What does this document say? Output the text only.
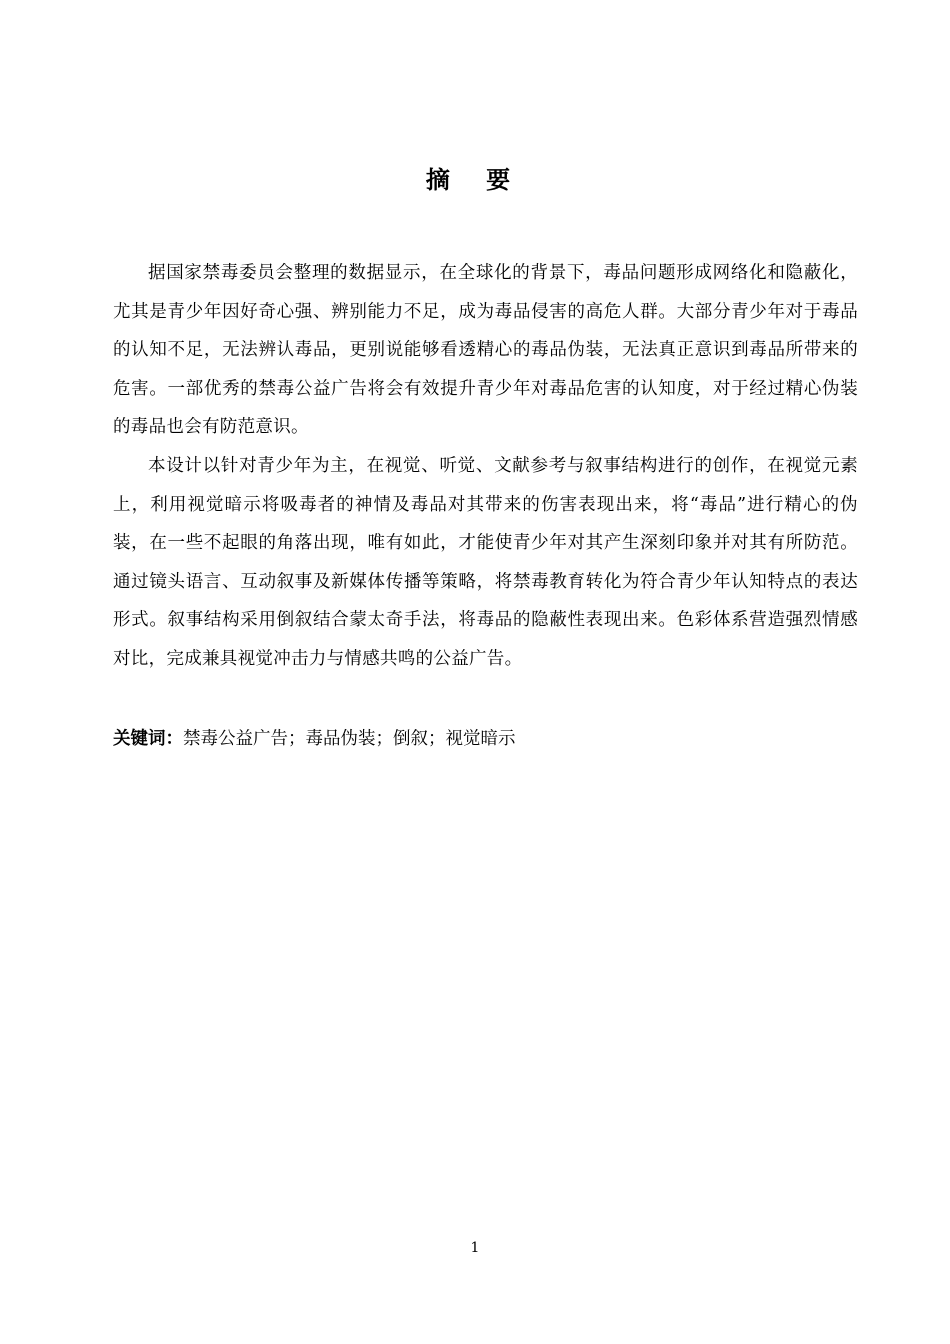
摘 要

据国家禁毒委员会整理的数据显示，在全球化的背景下，毒品问题形成网络化和隐蔽化，尤其是青少年因好奇心强、辨别能力不足，成为毒品侵害的高危人群。大部分青少年对于毒品的认知不足，无法辨认毒品，更别说能够看透精心的毒品伪装，无法真正意识到毒品所带来的危害。一部优秀的禁毒公益广告将会有效提升青少年对毒品危害的认知度，对于经过精心伪装的毒品也会有防范意识。

本设计以针对青少年为主，在视觉、听觉、文献参考与叙事结构进行的创作，在视觉元素上，利用视觉暗示将吸毒者的神情及毒品对其带来的伤害表现出来，将“毒品”进行精心的伪装，在一些不起眼的角落出现，唯有如此，才能使青少年对其产生深刻印象并对其有所防范。通过镜头语言、互动叙事及新媒体传播等策略，将禁毒教育转化为符合青少年认知特点的表达形式。叙事结构采用倒叙结合蒙太奇手法，将毒品的隐蔽性表现出来。色彩体系营造强烈情感对比，完成兼具视觉冲击力与情感共鸣的公益广告。

关键词：禁毒公益广告；毒品伪装；倒叙；视觉暗示
1
